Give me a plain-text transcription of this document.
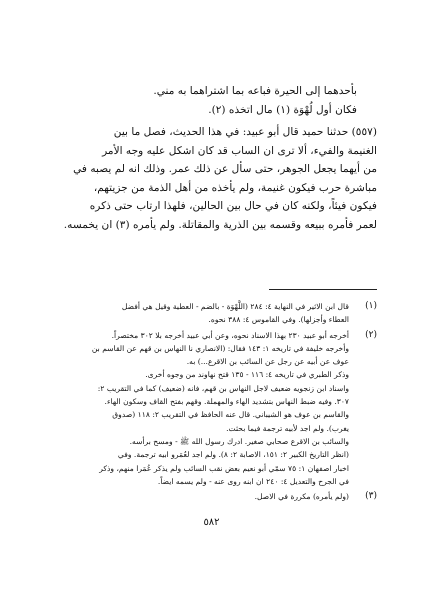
بأحدهما إلى الحيرة فباعه بما اشتراهما به مني.
فكان أول لُهْوَة (١) مال اتخذه (٢).
(٥٥٧) حدثنا حميد قال أبو عبيد: في هذا الحديث، فصل ما بين
الغنيمة والفيء، ألا ترى ان الساب قد كان اشكل عليه وجه الأمر
من أيهما يجعل الجوهر، حتى سأل عن ذلك عمر. وذلك انه لم يصبه في
مباشرة حرب فيكون غنيمة، ولم يأخذه من أهل الذمة من جزيتهم،
فيكون فيئاً، ولكنه كان في حال بين الحالين، فلهذا ارتاب حتى ذكره
لعمر فأمره ببيعه وقسمه بين الذرية والمقاتلة. ولم يأمره (٣) ان يخمسه.
(١)
قال ابن الاثير في النهاية ٤: ٢٨٤ (اللُّهْوَة - بالضم - العطية وقيل هي أفضل
العطاء وأجزلها). وفي القاموس ٤: ٣٨٨ نحوه.
(٢)
أخرجه أبو عبيد ٢٣٠ بهذا الاسناد نحوه، وعن أبي عبيد أخرجه بلا ٣٠٢ مختصراً.
وأخرجه خليفة في تاريخه ١: ١٤٣ فقال: (الانصاري نا النهاس بن قهم عن القاسم بن
عوف عن أبيه عن رجل عن السائب بن الاقرع...) به.
وذكر الطبري في تاريخه ٤: ١١٦ - ١٣٥ قتح نهاوند من وجوه أخرى.
واسناد ابن زنجويه ضعيف لاجل النهاس بن قهم، فانه (ضعيف) كما في التقريب ٢:
٣٠٧. وفيه ضبط النهاس بتشديد الهاء والمهملة. وقهم بفتح القاف وسكون الهاء.
والقاسم بن عوف هو الشيباني. قال عنه الحافظ في التقريب ٢: ١١٨ (صدوق
يغرب). ولم اجد لأبيه ترجمة فيما بحثت.
والسائب بن الاقرع صحابي صغير. ادرك رسول الله ﷺ - ومسح برأسه.
(انظر التاريخ الكبير ٢: ١٥١، الاصابة ٢: ٨). ولم اجد لعُمَرو ابيه ترجمة. وفي
اخبار اصفهان ١: ٧٥ سمّي أبو نعيم بعض نقب السائب ولم يذكر عُمَرا منهم، وذكر
في الجرح والتعديل ٤: ٢٤٠ ان ابنه روى عنه - ولم يسمه ايضاً.
(٣)
(ولم يأمره) مكررة في الاصل.
٥٨٢
